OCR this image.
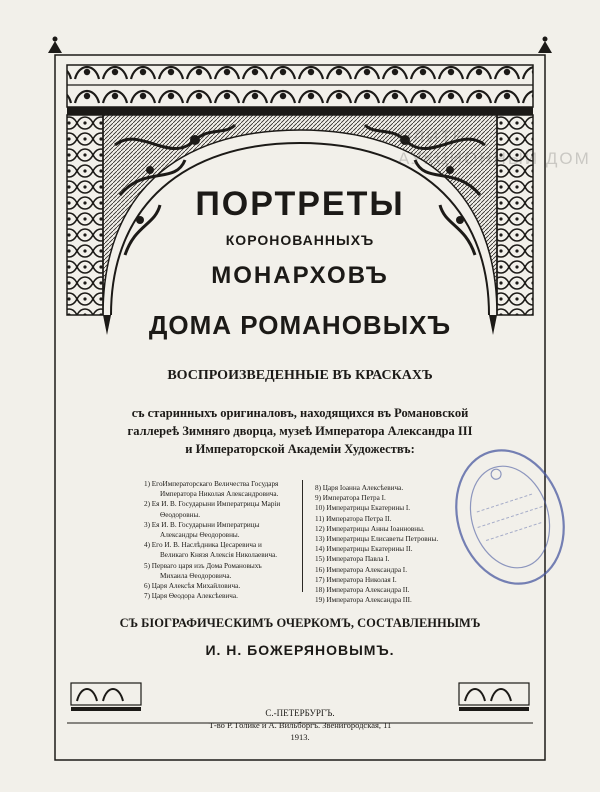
ОЛИТЕ
АУКЦИОННЫЙ ДОМ
ПОРТРЕТЫ
КОРОНОВАННЫХЪ
МОНАРХОВЪ
ДОМА РОМАНОВЫХЪ
ВОСПРОИЗВЕДЕННЫЕ ВЪ КРАСКАХЪ
съ старинныхъ оригиналовъ, находящихся въ Романовской
галлереѣ Зимняго дворца, музеѣ Императора Александра III
и Императорской Академіи Художествъ:
1) ЕгоИмператорскаго Величества Государя
Императора Николая Александровича.
2) Ея И. В. Государыни Императрицы Маріи
Ѳеодоровны.
3) Ея И. В. Государыни Императрицы
Александры Ѳеодоровны.
4) Его И. В. Наслѣдника Цесаревича и
Великаго Князя Алексія Николаевича.
5) Перваго царя изъ Дома Романовыхъ
Михаила Ѳеодоровича.
6) Царя Алексѣя Михайловича.
7) Царя Ѳеодора Алексѣевича.
8) Царя Іоанна Алексѣевича.
9) Императора Петра I.
10) Императрицы Екатерины I.
11) Императора Петра II.
12) Императрицы Анны Іоанновны.
13) Императрицы Елисаветы Петровны.
14) Императрицы Екатерины II.
15) Императора Павла I.
16) Императора Александра I.
17) Императора Николая I.
18) Императора Александра II.
19) Императора Александра III.
СЪ БІОГРАФИЧЕСКИМЪ ОЧЕРКОМЪ, СОСТАВЛЕННЫМЪ
И. Н. БОЖЕРЯНОВЫМЪ.
С.-ПЕТЕРБУРГЪ.
Т-во Р. Голике и А. Вильборгъ. Звенигородская, 11
1913.
